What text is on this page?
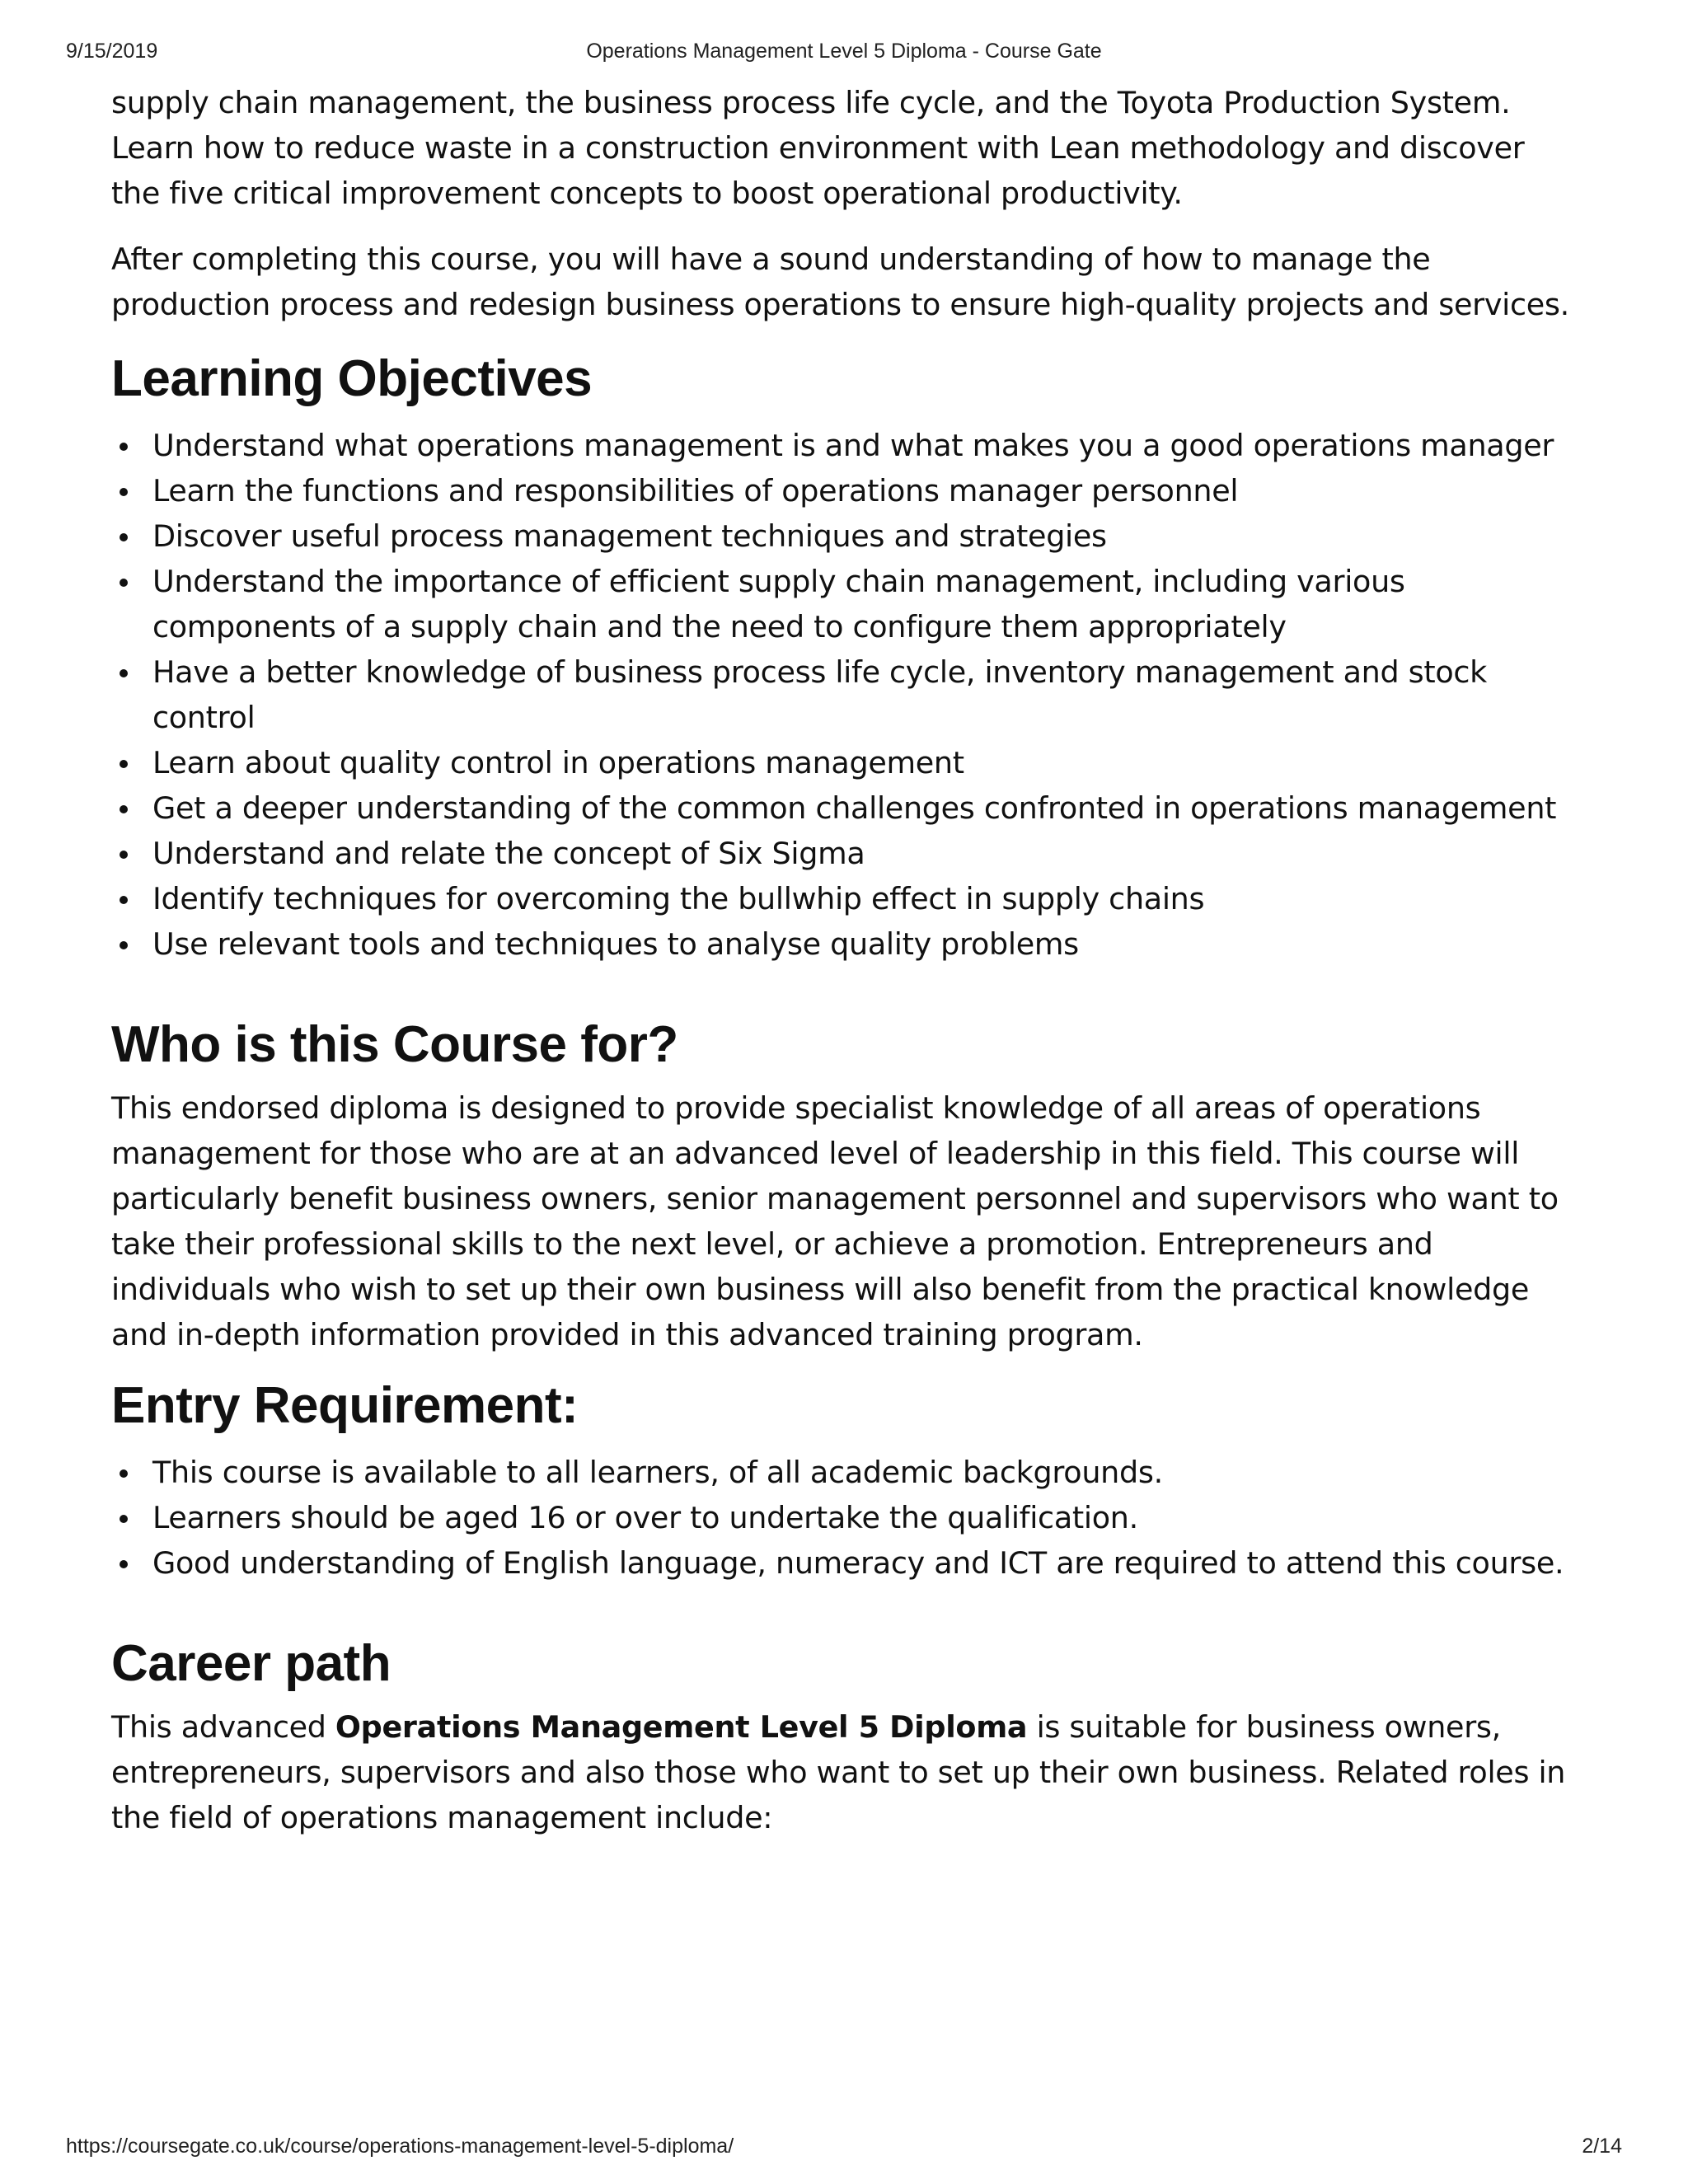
9/15/2019	Operations Management Level 5 Diploma - Course Gate

supply chain management, the business process life cycle, and the Toyota Production System. Learn how to reduce waste in a construction environment with Lean methodology and discover the five critical improvement concepts to boost operational productivity.

After completing this course, you will have a sound understanding of how to manage the production process and redesign business operations to ensure high-quality projects and services.

Learning Objectives
Understand what operations management is and what makes you a good operations manager
Learn the functions and responsibilities of operations manager personnel
Discover useful process management techniques and strategies
Understand the importance of efficient supply chain management, including various components of a supply chain and the need to configure them appropriately
Have a better knowledge of business process life cycle, inventory management and stock control
Learn about quality control in operations management
Get a deeper understanding of the common challenges confronted in operations management
Understand and relate the concept of Six Sigma
Identify techniques for overcoming the bullwhip effect in supply chains
Use relevant tools and techniques to analyse quality problems
Who is this Course for?

This endorsed diploma is designed to provide specialist knowledge of all areas of operations management for those who are at an advanced level of leadership in this field. This course will particularly benefit business owners, senior management personnel and supervisors who want to take their professional skills to the next level, or achieve a promotion. Entrepreneurs and individuals who wish to set up their own business will also benefit from the practical knowledge and in-depth information provided in this advanced training program.

Entry Requirement:
This course is available to all learners, of all academic backgrounds.
Learners should be aged 16 or over to undertake the qualification.
Good understanding of English language, numeracy and ICT are required to attend this course.
Career path

This advanced Operations Management Level 5 Diploma is suitable for business owners, entrepreneurs, supervisors and also those who want to set up their own business. Related roles in the field of operations management include:

https://coursegate.co.uk/course/operations-management-level-5-diploma/	2/14
